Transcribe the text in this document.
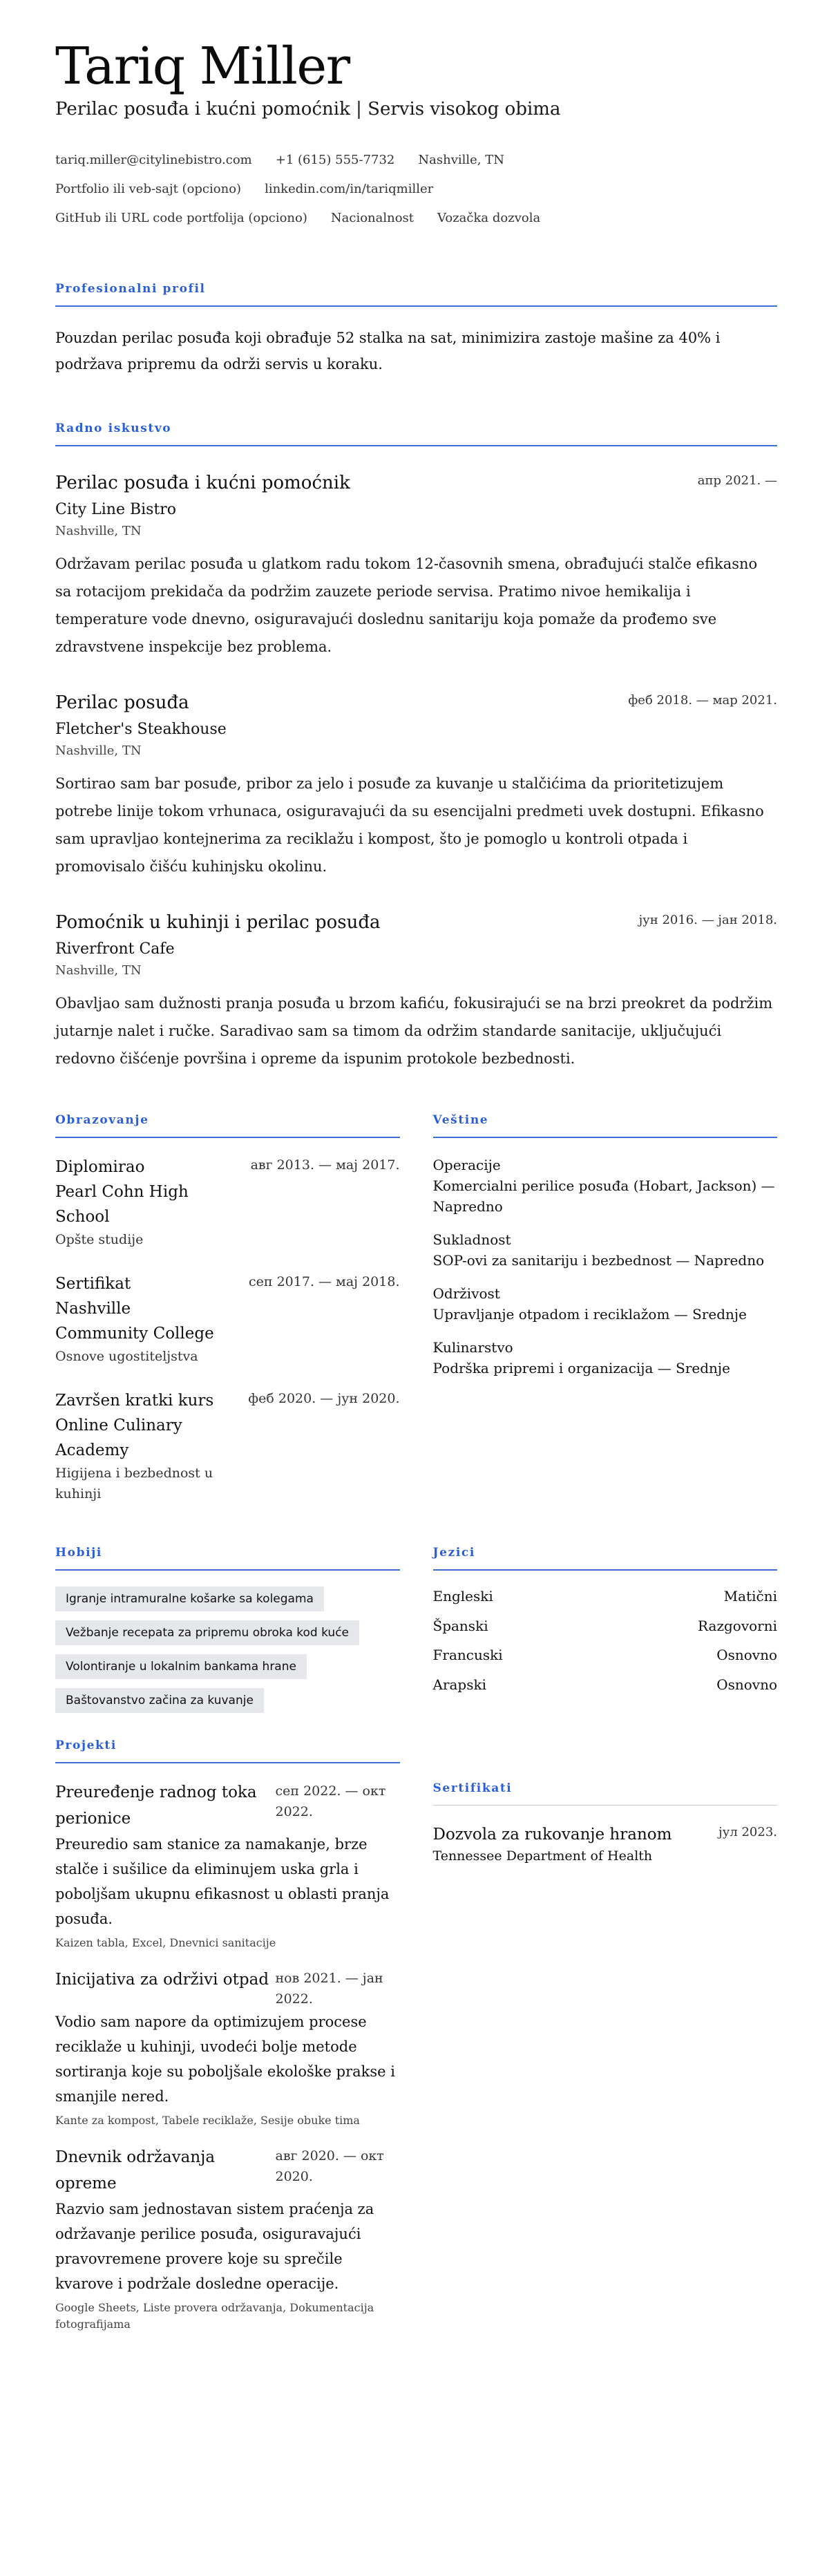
Tariq Miller
Perilac posuđa i kućni pomoćnik | Servis visokog obima
tariq.miller@citylinebistro.com +1 (615) 555-7732 Nashville, TN
Portfolio ili veb-sajt (opciono) linkedin.com/in/tariqmiller
GitHub ili URL code portfolija (opciono) Nacionalnost Vozačka dozvola
Profesionalni profil
Pouzdan perilac posuđa koji obrađuje 52 stalka na sat, minimizira zastoje mašine za 40% i podržava pripremu da održi servis u koraku.
Radno iskustvo
Perilac posuđa i kućni pomoćnik	апр 2021. —
City Line Bistro
Nashville, TN
Održavam perilac posuđa u glatkom radu tokom 12-časovnih smena, obrađujući stalče efikasno sa rotacijom prekidača da podržim zauzete periode servisa. Pratimo nivoe hemikalija i temperature vode dnevno, osiguravajući doslednu sanitariju koja pomaže da prođemo sve zdravstvene inspekcije bez problema.
Perilac posuđa	феб 2018. — мар 2021.
Fletcher's Steakhouse
Nashville, TN
Sortirao sam bar posuđe, pribor za jelo i posuđe za kuvanje u stalčićima da prioritetizujem potrebe linije tokom vrhunaca, osiguravajući da su esencijalni predmeti uvek dostupni. Efikasno sam upravljao kontejnerima za reciklažu i kompost, što je pomoglo u kontroli otpada i promovisalo čišću kuhinjsku okolinu.
Pomoćnik u kuhinji i perilac posuđa	јун 2016. — јан 2018.
Riverfront Cafe
Nashville, TN
Obavljao sam dužnosti pranja posuđa u brzom kafiću, fokusirajući se na brzi preokret da podržim jutarnje nalet i ručke. Saradivao sam sa timom da održim standarde sanitacije, uključujući redovno čišćenje površina i opreme da ispunim protokole bezbednosti.
Obrazovanje
Diplomirao
Pearl Cohn High School
авг 2013. — мај 2017.
Opšte studije
Sertifikat
Nashville Community College
сеп 2017. — мај 2018.
Osnove ugostiteljstva
Završen kratki kurs
Online Culinary Academy
феб 2020. — јун 2020.
Higijena i bezbednost u kuhinji
Veštine
Operacije
Komercialni perilice posuđa (Hobart, Jackson) — Napredno
Sukladnost
SOP-ovi za sanitariju i bezbednost — Napredno
Održivost
Upravljanje otpadom i reciklažom — Srednje
Kulinarstvo
Podrška pripremi i organizacija — Srednje
Hobiji
Igranje intramuralne košarke sa kolegama
Vežbanje recepata za pripremu obroka kod kuće
Volontiranje u lokalnim bankama hrane
Baštovanstvo začina za kuvanje
Projekti
Preuređenje radnog toka perionice
сеп 2022. — окт 2022.
Preuredio sam stanice za namakanje, brze stalče i sušilice da eliminujem uska grla i poboljšam ukupnu efikasnost u oblasti pranja posuđa.
Kaizen tabla, Excel, Dnevnici sanitacije
Inicijativa za održivi otpad нов 2021. — јан 2022.
Vodio sam napore da optimizujem procese reciklaže u kuhinji, uvodeći bolje metode sortiranja koje su poboljšale ekološke prakse i smanjile nered.
Kante za kompost, Tabele reciklaže, Sesije obuke tima
Dnevnik održavanja opreme
авг 2020. — окт 2020.
Razvio sam jednostavan sistem praćenja za održavanje perilice posuđa, osiguravajući pravovremene provere koje su sprečile kvarove i podržale dosledne operacije.
Google Sheets, Liste provera održavanja, Dokumentacija fotografijama
Jezici
Engleski	Matični
Španski	Razgovorni
Francuski	Osnovno
Arapski	Osnovno
Sertifikati
Dozvola za rukovanje hranom	јул 2023.
Tennessee Department of Health
